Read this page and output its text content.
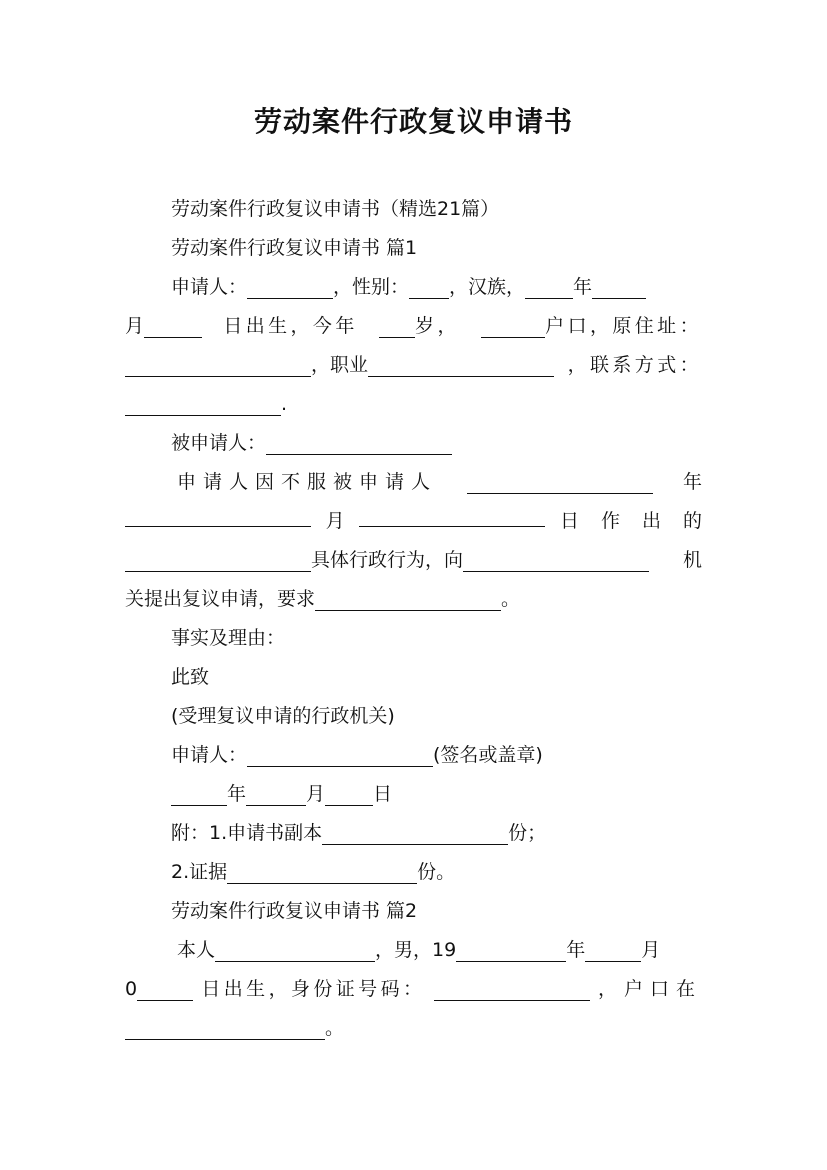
劳动案件行政复议申请书

劳动案件行政复议申请书（精选21篇）

劳动案件行政复议申请书 篇1

申请人：	，性别： ，汉族，	年
月	日出生，今年	岁，	户口，原住址：
，职业	，联系方式：

.

被申请人：

申请人因不服被申请人	年
月	日作出的
具体行政行为，向	机

关提出复议申请，要求	。

事实及理由：

此致

(受理复议申请的行政机关)

申请人：	(签名或盖章)

年	月	日

附：1.申请书副本	份；

2.证据	份。

劳动案件行政复议申请书 篇2

本人	，男，19	年	月
0	日出生，身份证号码：	，户口在

。
